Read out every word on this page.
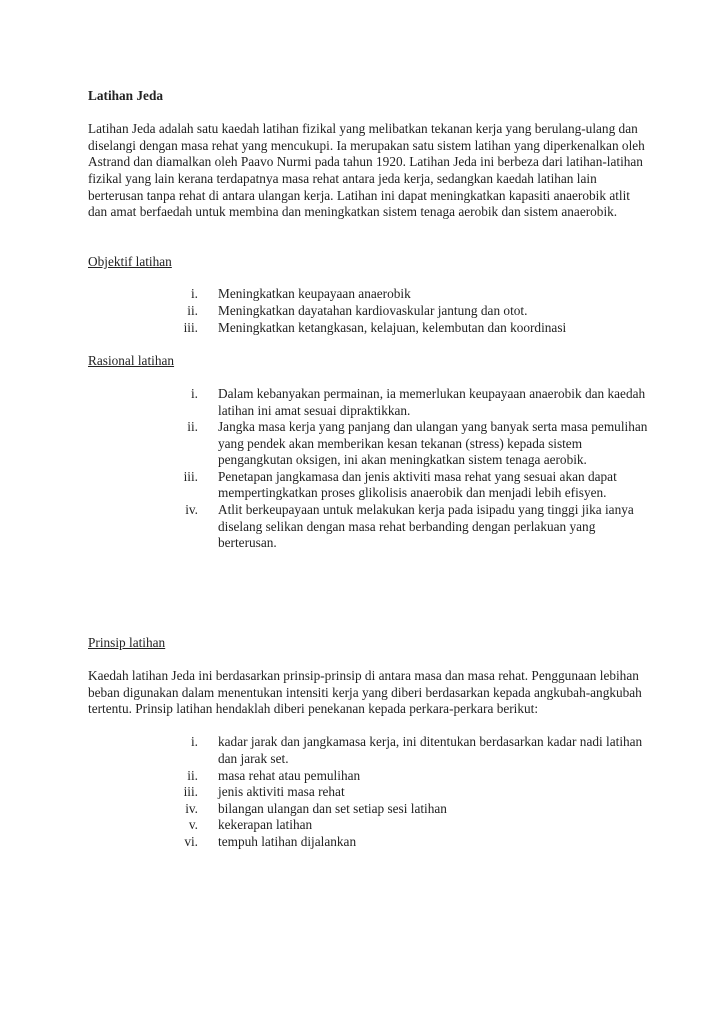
Latihan Jeda

Latihan Jeda adalah satu kaedah latihan fizikal yang melibatkan tekanan kerja yang berulang-ulang dan diselangi dengan masa rehat yang mencukupi. Ia merupakan satu sistem latihan yang diperkenalkan oleh Astrand dan diamalkan oleh Paavo Nurmi pada tahun 1920. Latihan Jeda ini berbeza dari latihan-latihan fizikal yang lain kerana terdapatnya masa rehat antara jeda kerja, sedangkan kaedah latihan lain berterusan tanpa rehat di antara ulangan kerja. Latihan ini dapat meningkatkan kapasiti anaerobik atlit dan amat berfaedah untuk membina dan meningkatkan sistem tenaga aerobik dan sistem anaerobik.

Objektif latihan

i. Meningkatkan keupayaan anaerobik
ii. Meningkatkan dayatahan kardiovaskular jantung dan otot.
iii. Meningkatkan ketangkasan, kelajuan, kelembutan dan koordinasi

Rasional latihan

i. Dalam kebanyakan permainan, ia memerlukan keupayaan anaerobik dan kaedah latihan ini amat sesuai dipraktikkan.
ii. Jangka masa kerja yang panjang dan ulangan yang banyak serta masa pemulihan yang pendek akan memberikan kesan tekanan (stress) kepada sistem pengangkutan oksigen, ini akan meningkatkan sistem tenaga aerobik.
iii. Penetapan jangkamasa dan jenis aktiviti masa rehat yang sesuai akan dapat mempertingkatkan proses glikolisis anaerobik dan menjadi lebih efisyen.
iv. Atlit berkeupayaan untuk melakukan kerja pada isipadu yang tinggi jika ianya diselang selikan dengan masa rehat berbanding dengan perlakuan yang berterusan.

Prinsip latihan

Kaedah latihan Jeda ini berdasarkan prinsip-prinsip di antara masa dan masa rehat. Penggunaan lebihan beban digunakan dalam menentukan intensiti kerja yang diberi berdasarkan kepada angkubah-angkubah tertentu. Prinsip latihan hendaklah diberi penekanan kepada perkara-perkara berikut:

i. kadar jarak dan jangkamasa kerja, ini ditentukan berdasarkan kadar nadi latihan dan jarak set.
ii. masa rehat atau pemulihan
iii. jenis aktiviti masa rehat
iv. bilangan ulangan dan set setiap sesi latihan
v. kekerapan latihan
vi. tempuh latihan dijalankan
